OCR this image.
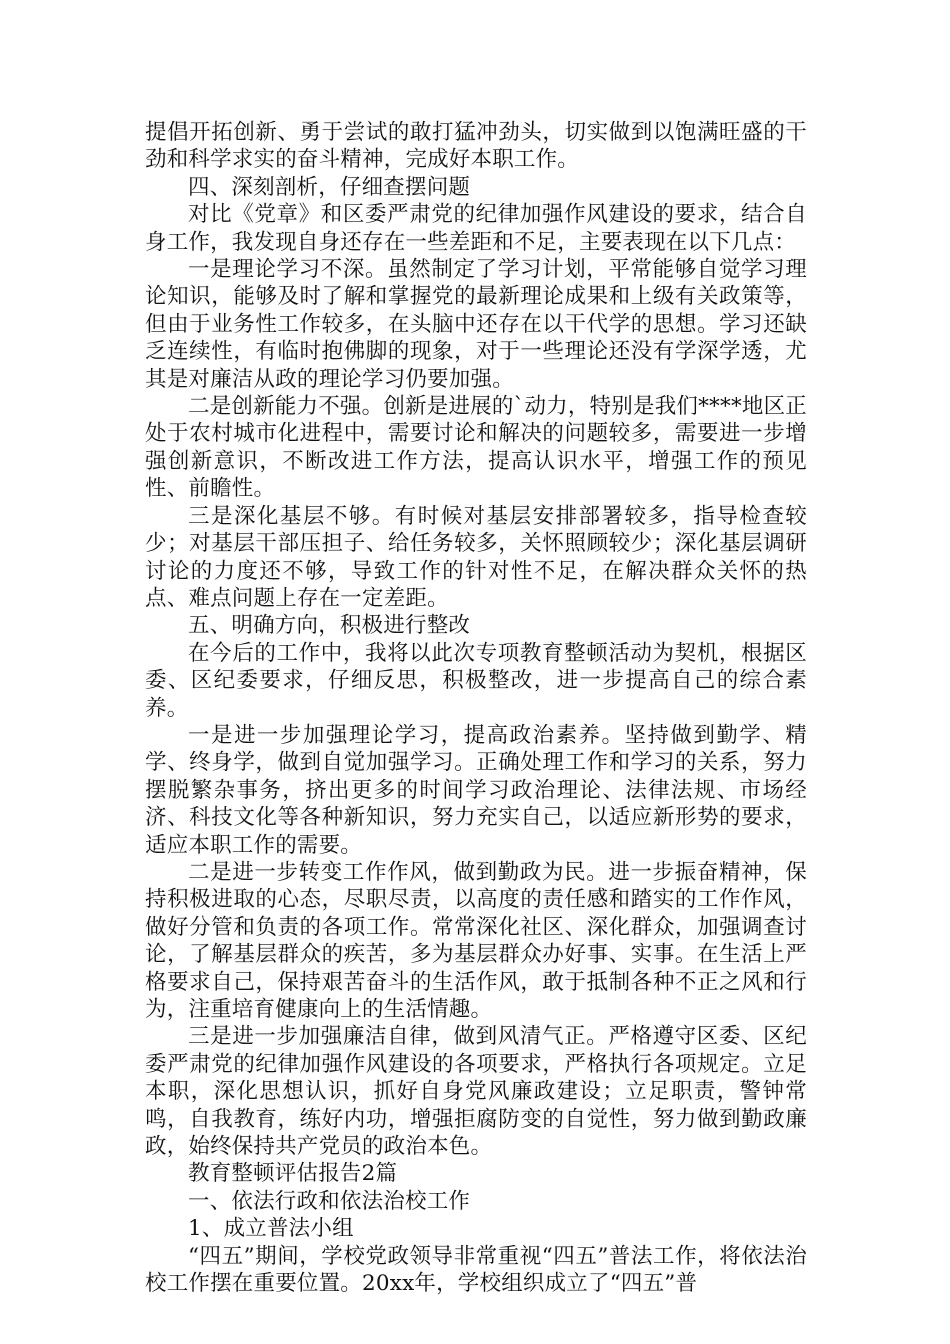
提倡开拓创新、勇于尝试的敢打猛冲劲头，切实做到以饱满旺盛的干劲和科学求实的奋斗精神，完成好本职工作。

四、深刻剖析，仔细查摆问题

对比《党章》和区委严肃党的纪律加强作风建设的要求，结合自身工作，我发现自身还存在一些差距和不足，主要表现在以下几点：

一是理论学习不深。虽然制定了学习计划，平常能够自觉学习理论知识，能够及时了解和掌握党的最新理论成果和上级有关政策等，但由于业务性工作较多，在头脑中还存在以干代学的思想。学习还缺乏连续性，有临时抱佛脚的现象，对于一些理论还没有学深学透，尤其是对廉洁从政的理论学习仍要加强。

二是创新能力不强。创新是进展的`动力，特别是我们****地区正处于农村城市化进程中，需要讨论和解决的问题较多，需要进一步增强创新意识，不断改进工作方法，提高认识水平，增强工作的预见性、前瞻性。

三是深化基层不够。有时候对基层安排部署较多，指导检查较少；对基层干部压担子、给任务较多，关怀照顾较少；深化基层调研讨论的力度还不够，导致工作的针对性不足，在解决群众关怀的热点、难点问题上存在一定差距。

五、明确方向，积极进行整改

在今后的工作中，我将以此次专项教育整顿活动为契机，根据区委、区纪委要求，仔细反思，积极整改，进一步提高自己的综合素养。

一是进一步加强理论学习，提高政治素养。坚持做到勤学、精学、终身学，做到自觉加强学习。正确处理工作和学习的关系，努力摆脱繁杂事务，挤出更多的时间学习政治理论、法律法规、市场经济、科技文化等各种新知识，努力充实自己，以适应新形势的要求，适应本职工作的需要。

二是进一步转变工作作风，做到勤政为民。进一步振奋精神，保持积极进取的心态，尽职尽责，以高度的责任感和踏实的工作作风，做好分管和负责的各项工作。常常深化社区、深化群众，加强调查讨论，了解基层群众的疾苦，多为基层群众办好事、实事。在生活上严格要求自己，保持艰苦奋斗的生活作风，敢于抵制各种不正之风和行为，注重培育健康向上的生活情趣。

三是进一步加强廉洁自律，做到风清气正。严格遵守区委、区纪委严肃党的纪律加强作风建设的各项要求，严格执行各项规定。立足本职，深化思想认识，抓好自身党风廉政建设；立足职责，警钟常鸣，自我教育，练好内功，增强拒腐防变的自觉性，努力做到勤政廉政，始终保持共产党员的政治本色。

教育整顿评估报告2篇

一、依法行政和依法治校工作

1、成立普法小组

“四五”期间，学校党政领导非常重视“四五”普法工作，将依法治校工作摆在重要位置。20xx年，学校组织成立了“四五”普
